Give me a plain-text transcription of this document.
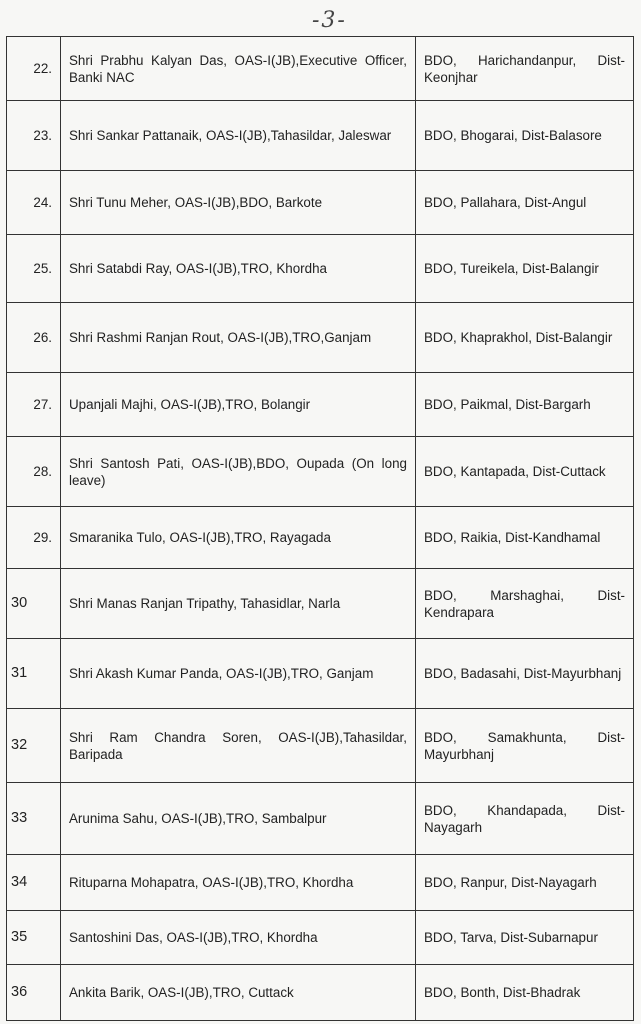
-3-
22.	Shri Prabhu Kalyan Das, OAS-I(JB),Executive Officer, Banki NAC	BDO, Harichandanpur, Dist-Keonjhar
23.	Shri Sankar Pattanaik, OAS-I(JB),Tahasildar, Jaleswar	BDO, Bhogarai, Dist-Balasore
24.	Shri Tunu Meher, OAS-I(JB),BDO, Barkote	BDO, Pallahara, Dist-Angul
25.	Shri Satabdi Ray, OAS-I(JB),TRO, Khordha	BDO, Tureikela, Dist-Balangir
26.	Shri Rashmi Ranjan Rout, OAS-I(JB),TRO,Ganjam	BDO, Khaprakhol, Dist-Balangir
27.	Upanjali Majhi, OAS-I(JB),TRO, Bolangir	BDO, Paikmal, Dist-Bargarh
28.	Shri Santosh Pati, OAS-I(JB),BDO, Oupada (On long leave)	BDO, Kantapada, Dist-Cuttack
29.	Smaranika Tulo, OAS-I(JB),TRO, Rayagada	BDO, Raikia, Dist-Kandhamal
30	Shri Manas Ranjan Tripathy, Tahasidlar, Narla	BDO, Marshaghai, Dist-Kendrapara
31	Shri Akash Kumar Panda, OAS-I(JB),TRO, Ganjam	BDO, Badasahi, Dist-Mayurbhanj
32	Shri Ram Chandra Soren, OAS-I(JB),Tahasildar, Baripada	BDO, Samakhunta, Dist-Mayurbhanj
33	Arunima Sahu, OAS-I(JB),TRO, Sambalpur	BDO, Khandapada, Dist-Nayagarh
34	Rituparna Mohapatra, OAS-I(JB),TRO, Khordha	BDO, Ranpur, Dist-Nayagarh
35	Santoshini Das, OAS-I(JB),TRO, Khordha	BDO, Tarva, Dist-Subarnapur
36	Ankita Barik, OAS-I(JB),TRO, Cuttack	BDO, Bonth, Dist-Bhadrak
